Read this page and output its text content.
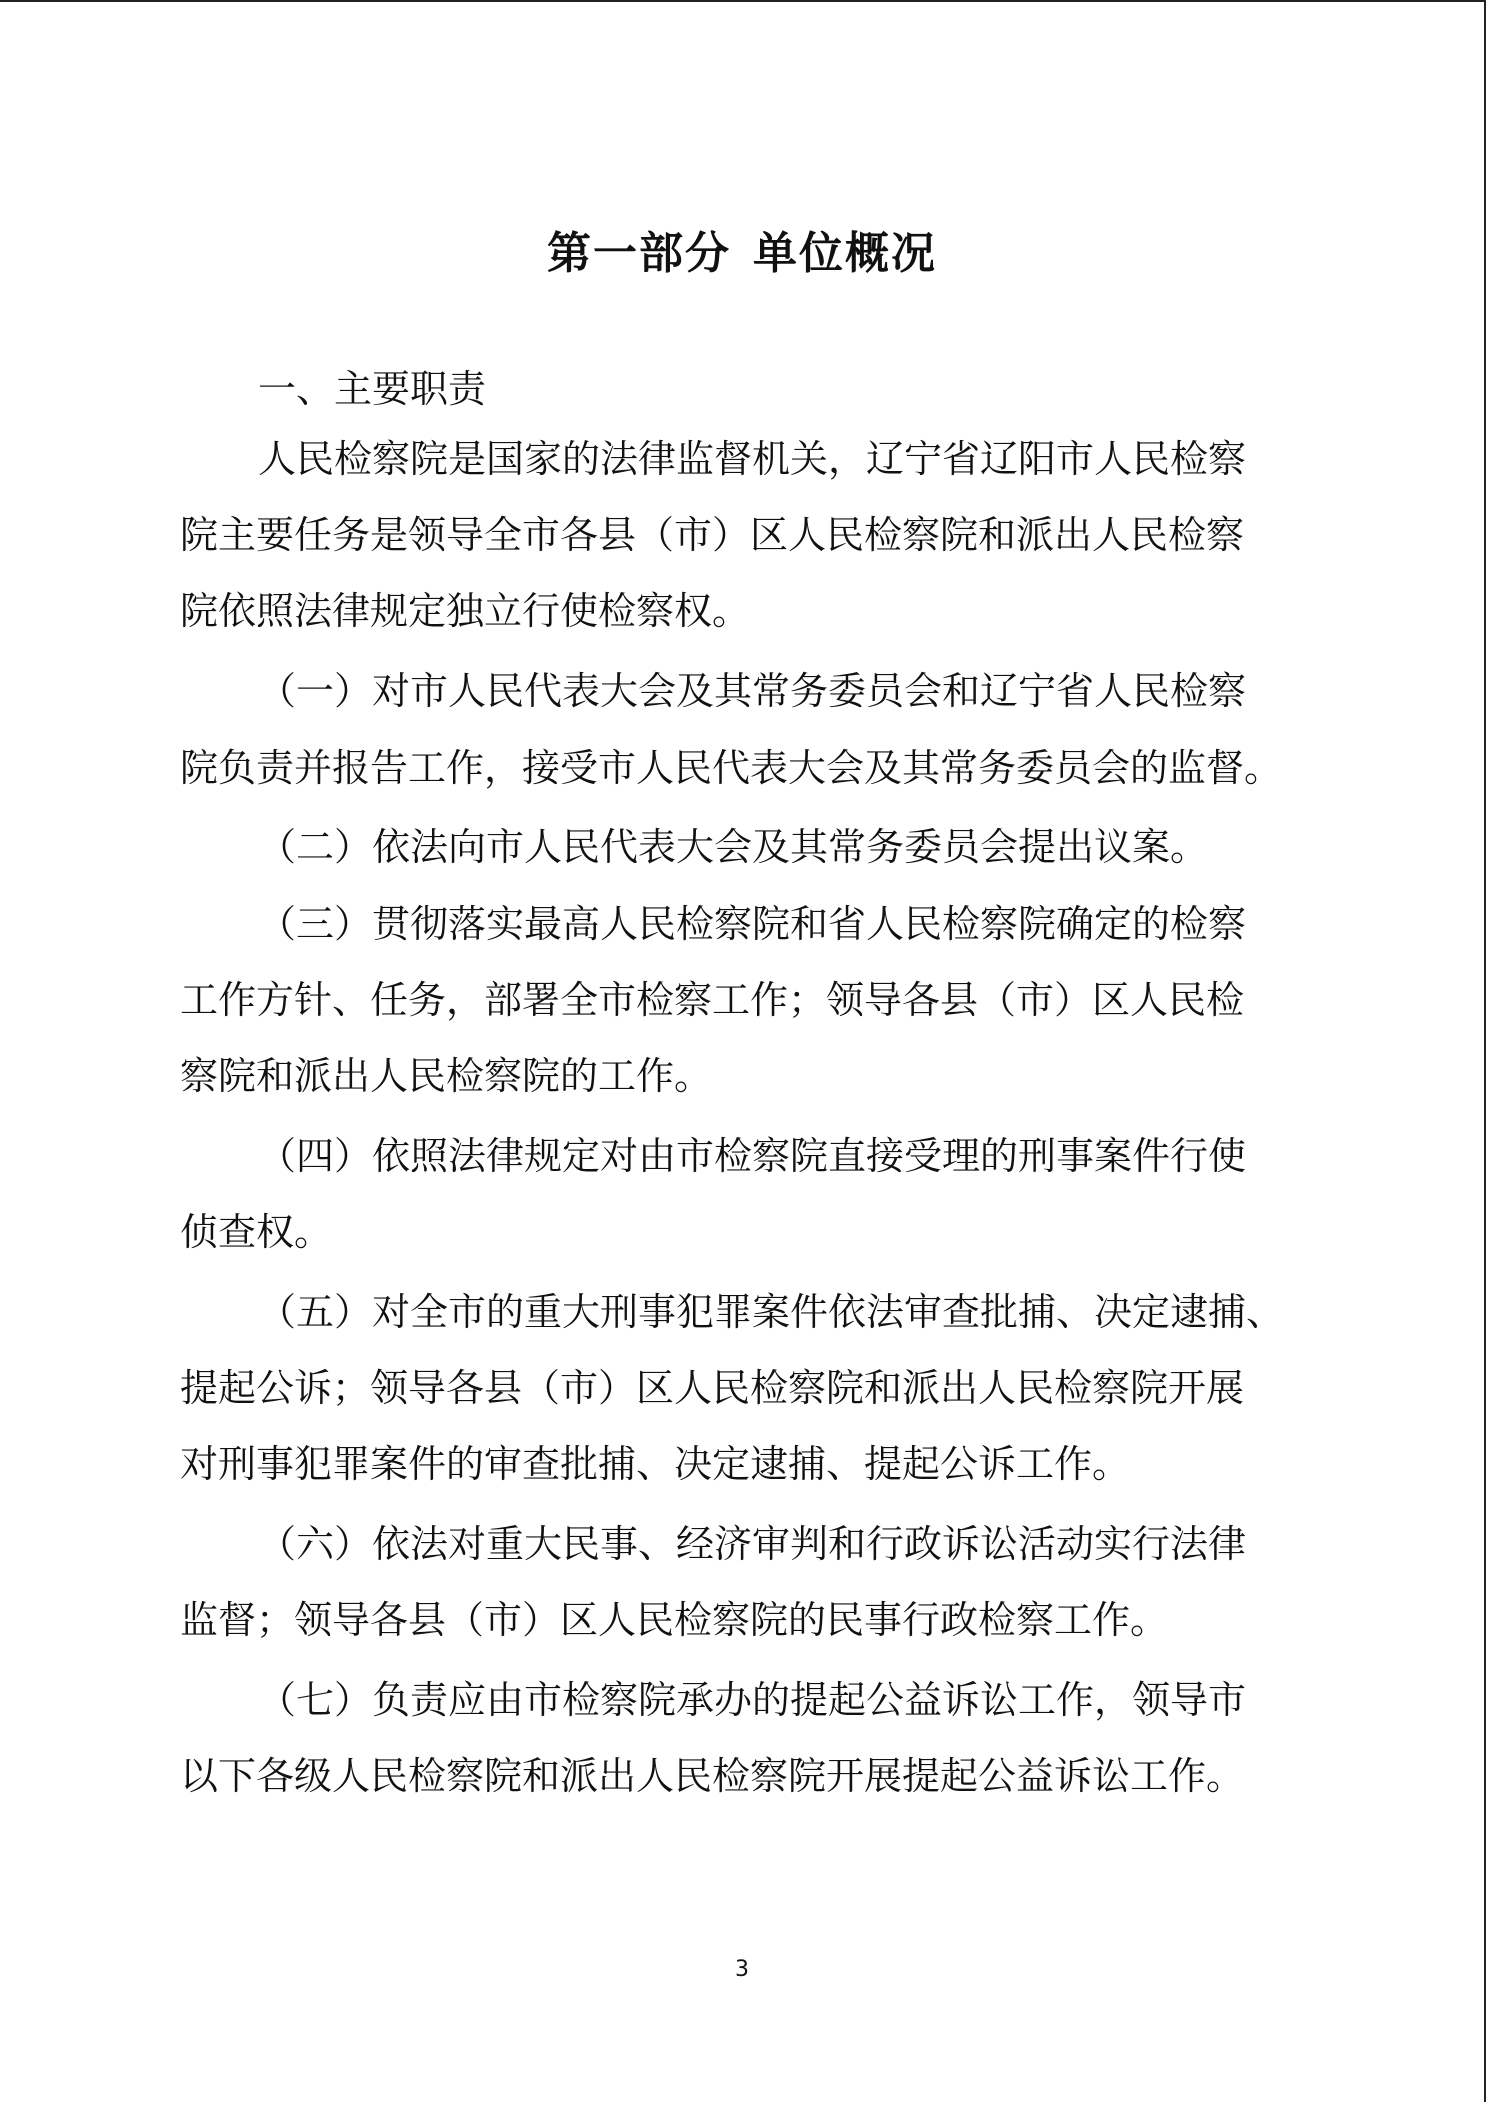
第一部分 单位概况
一、主要职责
人民检察院是国家的法律监督机关，辽宁省辽阳市人民检察
院主要任务是领导全市各县（市）区人民检察院和派出人民检察
院依照法律规定独立行使检察权。
（一）对市人民代表大会及其常务委员会和辽宁省人民检察
院负责并报告工作，接受市人民代表大会及其常务委员会的监督。
（二）依法向市人民代表大会及其常务委员会提出议案。
（三）贯彻落实最高人民检察院和省人民检察院确定的检察
工作方针、任务，部署全市检察工作；领导各县（市）区人民检
察院和派出人民检察院的工作。
（四）依照法律规定对由市检察院直接受理的刑事案件行使
侦查权。
（五）对全市的重大刑事犯罪案件依法审查批捕、决定逮捕、
提起公诉；领导各县（市）区人民检察院和派出人民检察院开展
对刑事犯罪案件的审查批捕、决定逮捕、提起公诉工作。
（六）依法对重大民事、经济审判和行政诉讼活动实行法律
监督；领导各县（市）区人民检察院的民事行政检察工作。
（七）负责应由市检察院承办的提起公益诉讼工作，领导市
以下各级人民检察院和派出人民检察院开展提起公益诉讼工作。
3
